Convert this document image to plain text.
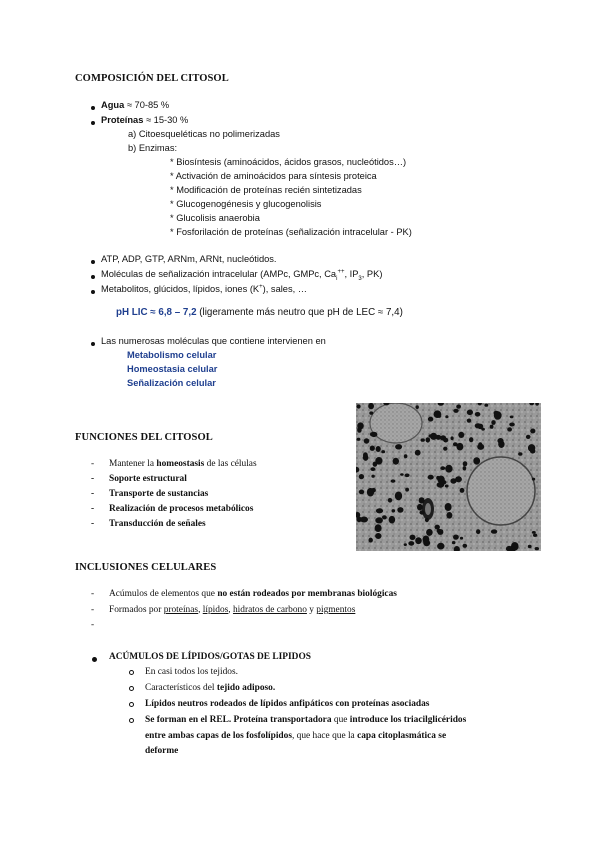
COMPOSICIÓN DEL CITOSOL
Agua ≈ 70-85 %
Proteínas ≈ 15-30 %
a) Citoesqueléticas no polimerizadas
b) Enzimas:
* Biosíntesis (aminoácidos, ácidos grasos, nucleótidos…)
* Activación de aminoácidos para síntesis proteica
* Modificación de proteínas recién sintetizadas
* Glucogenogénesis y glucogenolisis
* Glucolisis anaerobia
* Fosforilación de proteínas (señalización intracelular - PK)
ATP, ADP, GTP, ARNm, ARNt, nucleótidos.
Moléculas de señalización intracelular (AMPc, GMPc, $Ca_i^{++}$, $IP_3$, PK)
Metabolitos, glúcidos, lípidos, iones (K+), sales, …
pH LIC ≈ 6,8 – 7,2 (ligeramente más neutro que pH de LEC ≈ 7,4)
Las numerosas moléculas que contiene intervienen en
Metabolismo celular
Homeostasia celular
Señalización celular
FUNCIONES DEL CITOSOL
- Mantener la homeostasis de las células
- Soporte estructural
- Transporte de sustancias
- Realización de procesos metabólicos
- Transducción de señales
INCLUSIONES CELULARES
- Acúmulos de elementos que no están rodeados por membranas biológicas
- Formados por proteínas, lípidos, hidratos de carbono y pigmentos
-
ACÚMULOS DE LÍPIDOS/GOTAS DE LIPIDOS
En casi todos los tejidos.
Característicos del tejido adiposo.
Lípidos neutros rodeados de lípidos anfipáticos con proteínas asociadas
Se forman en el REL. Proteína transportadora que introduce los triacilglicéridos
entre ambas capas de los fosfolípidos, que hace que la capa citoplasmática se
deforme
